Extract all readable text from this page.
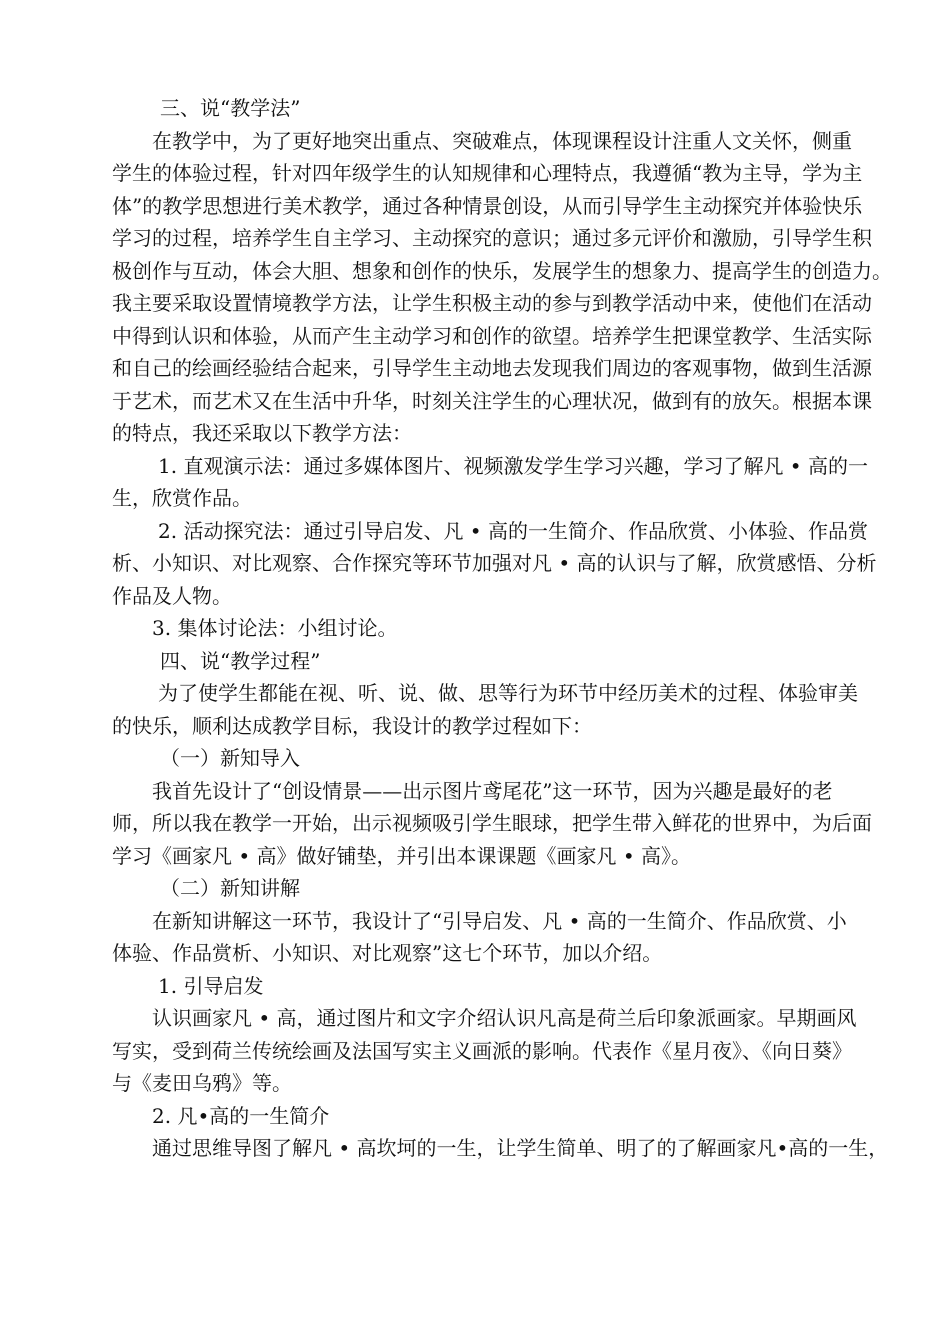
三、说“教学法”
在教学中，为了更好地突出重点、突破难点，体现课程设计注重人文关怀，侧重
学生的体验过程，针对四年级学生的认知规律和心理特点，我遵循“教为主导，学为主
体”的教学思想进行美术教学，通过各种情景创设，从而引导学生主动探究并体验快乐
学习的过程，培养学生自主学习、主动探究的意识；通过多元评价和激励，引导学生积
极创作与互动，体会大胆、想象和创作的快乐，发展学生的想象力、提高学生的创造力。
我主要采取设置情境教学方法，让学生积极主动的参与到教学活动中来，使他们在活动
中得到认识和体验，从而产生主动学习和创作的欲望。培养学生把课堂教学、生活实际
和自己的绘画经验结合起来，引导学生主动地去发现我们周边的客观事物，做到生活源
于艺术，而艺术又在生活中升华，时刻关注学生的心理状况，做到有的放矢。根据本课
的特点，我还采取以下教学方法：
1. 直观演示法：通过多媒体图片、视频激发学生学习兴趣，学习了解凡 • 高的一
生，欣赏作品。
2. 活动探究法：通过引导启发、凡 • 高的一生简介、作品欣赏、小体验、作品赏
析、小知识、对比观察、合作探究等环节加强对凡 • 高的认识与了解，欣赏感悟、分析
作品及人物。
3. 集体讨论法：小组讨论。
四、说“教学过程”
为了使学生都能在视、听、说、做、思等行为环节中经历美术的过程、体验审美
的快乐，顺利达成教学目标，我设计的教学过程如下：
（一）新知导入
我首先设计了“创设情景——出示图片鸢尾花”这一环节，因为兴趣是最好的老
师，所以我在教学一开始，出示视频吸引学生眼球，把学生带入鲜花的世界中，为后面
学习《画家凡 • 高》做好铺垫，并引出本课课题《画家凡 • 高》。
（二）新知讲解
在新知讲解这一环节，我设计了“引导启发、凡 • 高的一生简介、作品欣赏、小
体验、作品赏析、小知识、对比观察”这七个环节，加以介绍。
1. 引导启发
认识画家凡 • 高，通过图片和文字介绍认识凡高是荷兰后印象派画家。早期画风
写实，受到荷兰传统绘画及法国写实主义画派的影响。代表作《星月夜》、《向日葵》
与《麦田乌鸦》等。
2. 凡•高的一生简介
通过思维导图了解凡 • 高坎坷的一生，让学生简单、明了的了解画家凡•高的一生，
